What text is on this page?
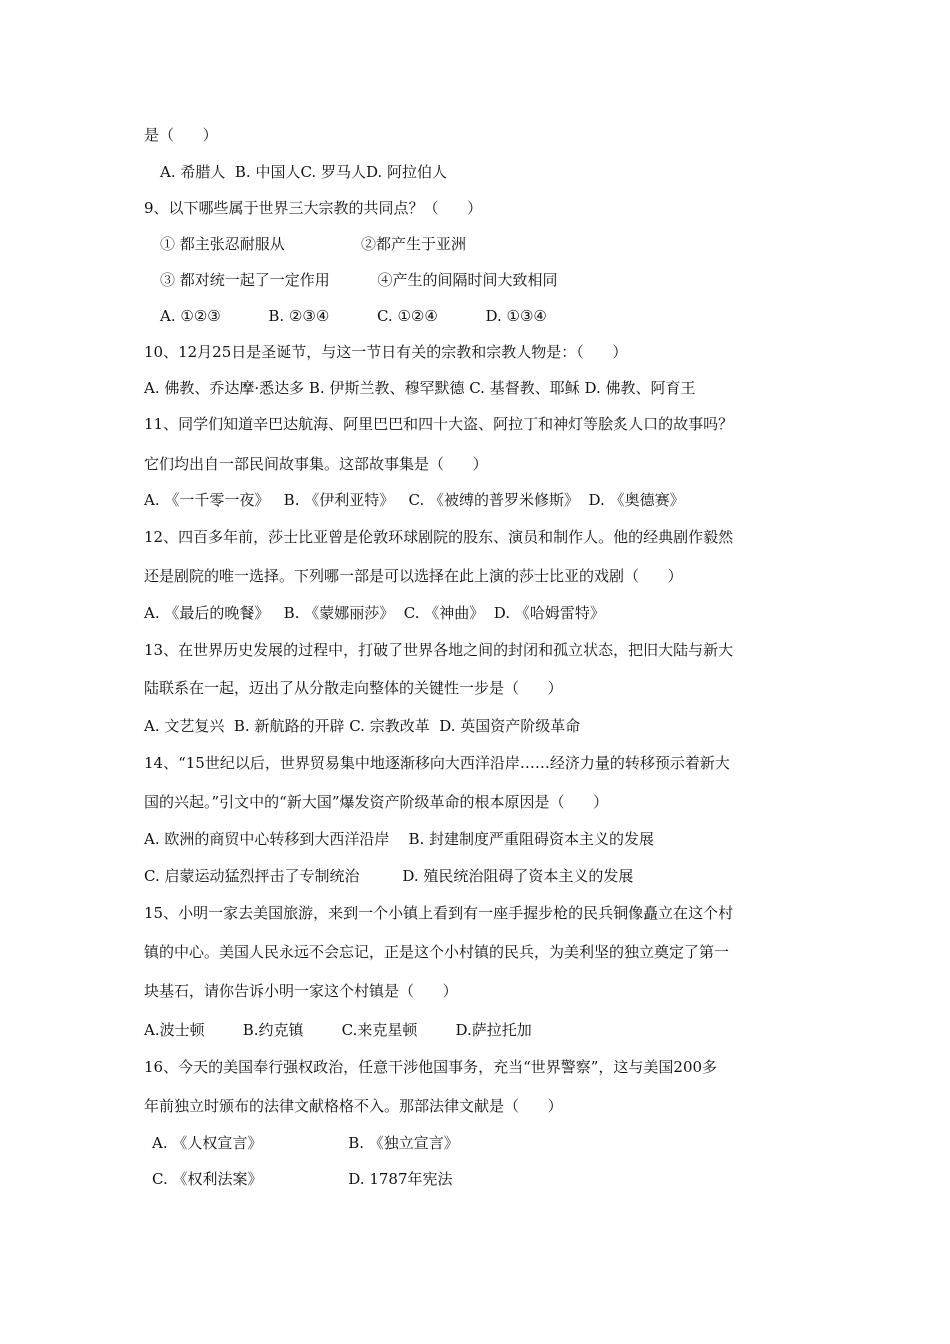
是（      ）
A. 希腊人  B. 中国人C. 罗马人D. 阿拉伯人
9、以下哪些属于世界三大宗教的共同点？（      ）
① 都主张忍耐服从                ②都产生于亚洲
③ 都对统一起了一定作用          ④产生的间隔时间大致相同
A. ①②③          B. ②③④          C. ①②④          D. ①③④
10、12月25日是圣诞节，与这一节日有关的宗教和宗教人物是：（      ）
A. 佛教、乔达摩·悉达多 B. 伊斯兰教、穆罕默德 C. 基督教、耶稣 D. 佛教、阿育王
11、同学们知道辛巴达航海、阿里巴巴和四十大盗、阿拉丁和神灯等脍炙人口的故事吗？
它们均出自一部民间故事集。这部故事集是（      ）
A. 《一千零一夜》   B. 《伊利亚特》   C. 《被缚的普罗米修斯》  D. 《奥德赛》
12、四百多年前，莎士比亚曾是伦敦环球剧院的股东、演员和制作人。他的经典剧作毅然
还是剧院的唯一选择。下列哪一部是可以选择在此上演的莎士比亚的戏剧（      ）
A. 《最后的晚餐》   B. 《蒙娜丽莎》  C. 《神曲》  D. 《哈姆雷特》
13、在世界历史发展的过程中，打破了世界各地之间的封闭和孤立状态，把旧大陆与新大
陆联系在一起，迈出了从分散走向整体的关键性一步是（      ）
A. 文艺复兴  B. 新航路的开辟 C. 宗教改革  D. 英国资产阶级革命
14、“15世纪以后，世界贸易集中地逐渐移向大西洋沿岸……经济力量的转移预示着新大
国的兴起。”引文中的“新大国”爆发资产阶级革命的根本原因是（      ）
A. 欧洲的商贸中心转移到大西洋沿岸    B. 封建制度严重阻碍资本主义的发展
C. 启蒙运动猛烈抨击了专制统治         D. 殖民统治阻碍了资本主义的发展
15、小明一家去美国旅游，来到一个小镇上看到有一座手握步枪的民兵铜像矗立在这个村
镇的中心。美国人民永远不会忘记，正是这个小村镇的民兵，为美利坚的独立奠定了第一
块基石，请你告诉小明一家这个村镇是（      ）
A.波士顿        B.约克镇        C.来克星顿        D.萨拉托加
16、今天的美国奉行强权政治，任意干涉他国事务，充当“世界警察”，这与美国200多
年前独立时颁布的法律文献格格不入。那部法律文献是（      ）
A. 《人权宣言》                  B. 《独立宣言》
C. 《权利法案》                  D. 1787年宪法
